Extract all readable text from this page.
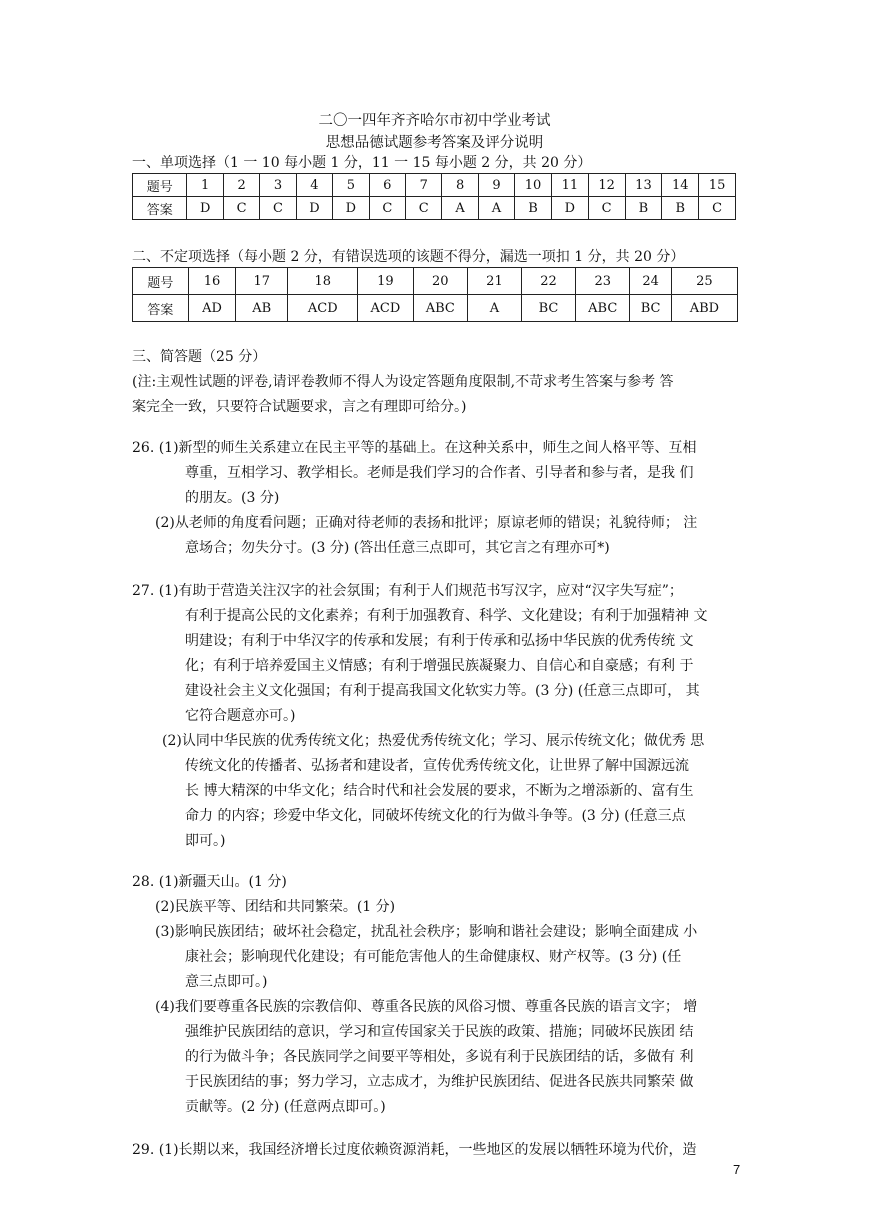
二〇一四年齐齐哈尔市初中学业考试
思想品德试题参考答案及评分说明
一、单项选择（1 一 10 每小题 1 分，11 一 15 每小题 2 分，共 20 分）
题号	1	2	3	4	5	6	7	8	9	10	11	12	13	14	15
答案	D	C	C	D	D	C	C	A	A	B	D	C	B	B	C
二、不定项选择（每小题 2 分，有错误选项的该题不得分，漏选一项扣 1 分，共 20 分）
题号	16	17	18	19	20	21	22	23	24	25
答案	AD	AB	ACD	ACD	ABC	A	BC	ABC	BC	ABD
三、简答题（25 分）
(注:主观性试题的评卷,请评卷教师不得人为设定答题角度限制,不苛求考生答案与参考 答
案完全一致，只要符合试题要求，言之有理即可给分。)
26. (1)新型的师生关系建立在民主平等的基础上。在这种关系中，师生之间人格平等、互相
尊重，互相学习、教学相长。老师是我们学习的合作者、引导者和参与者，是我 们
的朋友。(3 分)
(2)从老师的角度看问题；正确对待老师的表扬和批评；原谅老师的错误；礼貌待师； 注
意场合；勿失分寸。(3 分) (答出任意三点即可，其它言之有理亦可*)
27. (1)有助于营造关注汉字的社会氛围；有利于人们规范书写汉字，应对“汉字失写症”；
有利于提高公民的文化素养；有利于加强教育、科学、文化建设；有利于加强精神 文
明建设；有利于中华汉字的传承和发展；有利于传承和弘扬中华民族的优秀传统 文
化；有利于培养爱国主义情感；有利于增强民族凝聚力、自信心和自豪感；有利 于
建设社会主义文化强国；有利于提高我国文化软实力等。(3 分) (任意三点即可， 其
它符合题意亦可。)
(2)认同中华民族的优秀传统文化；热爱优秀传统文化；学习、展示传统文化；做优秀 思
传统文化的传播者、弘扬者和建设者，宣传优秀传统文化，让世界了解中国源远流
长 博大精深的中华文化；结合时代和社会发展的要求，不断为之增添新的、富有生
命力 的内容；珍爱中华文化，同破坏传统文化的行为做斗争等。(3 分) (任意三点
即可。)
28. (1)新疆天山。(1 分)
(2)民族平等、团结和共同繁荣。(1 分)
(3)影响民族团结；破坏社会稳定，扰乱社会秩序；影响和谐社会建设；影响全面建成 小
康社会；影响现代化建设；有可能危害他人的生命健康权、财产权等。(3 分) (任
意三点即可。)
(4)我们要尊重各民族的宗教信仰、尊重各民族的风俗习惯、尊重各民族的语言文字； 增
强维护民族团结的意识，学习和宣传国家关于民族的政策、措施；同破坏民族团 结
的行为做斗争；各民族同学之间要平等相处，多说有利于民族团结的话，多做有 利
于民族团结的事；努力学习，立志成才，为维护民族团结、促进各民族共同繁荣 做
贡献等。(2 分) (任意两点即可。)
29. (1)长期以来，我国经济增长过度依赖资源消耗，一些地区的发展以牺牲环境为代价，造
7
